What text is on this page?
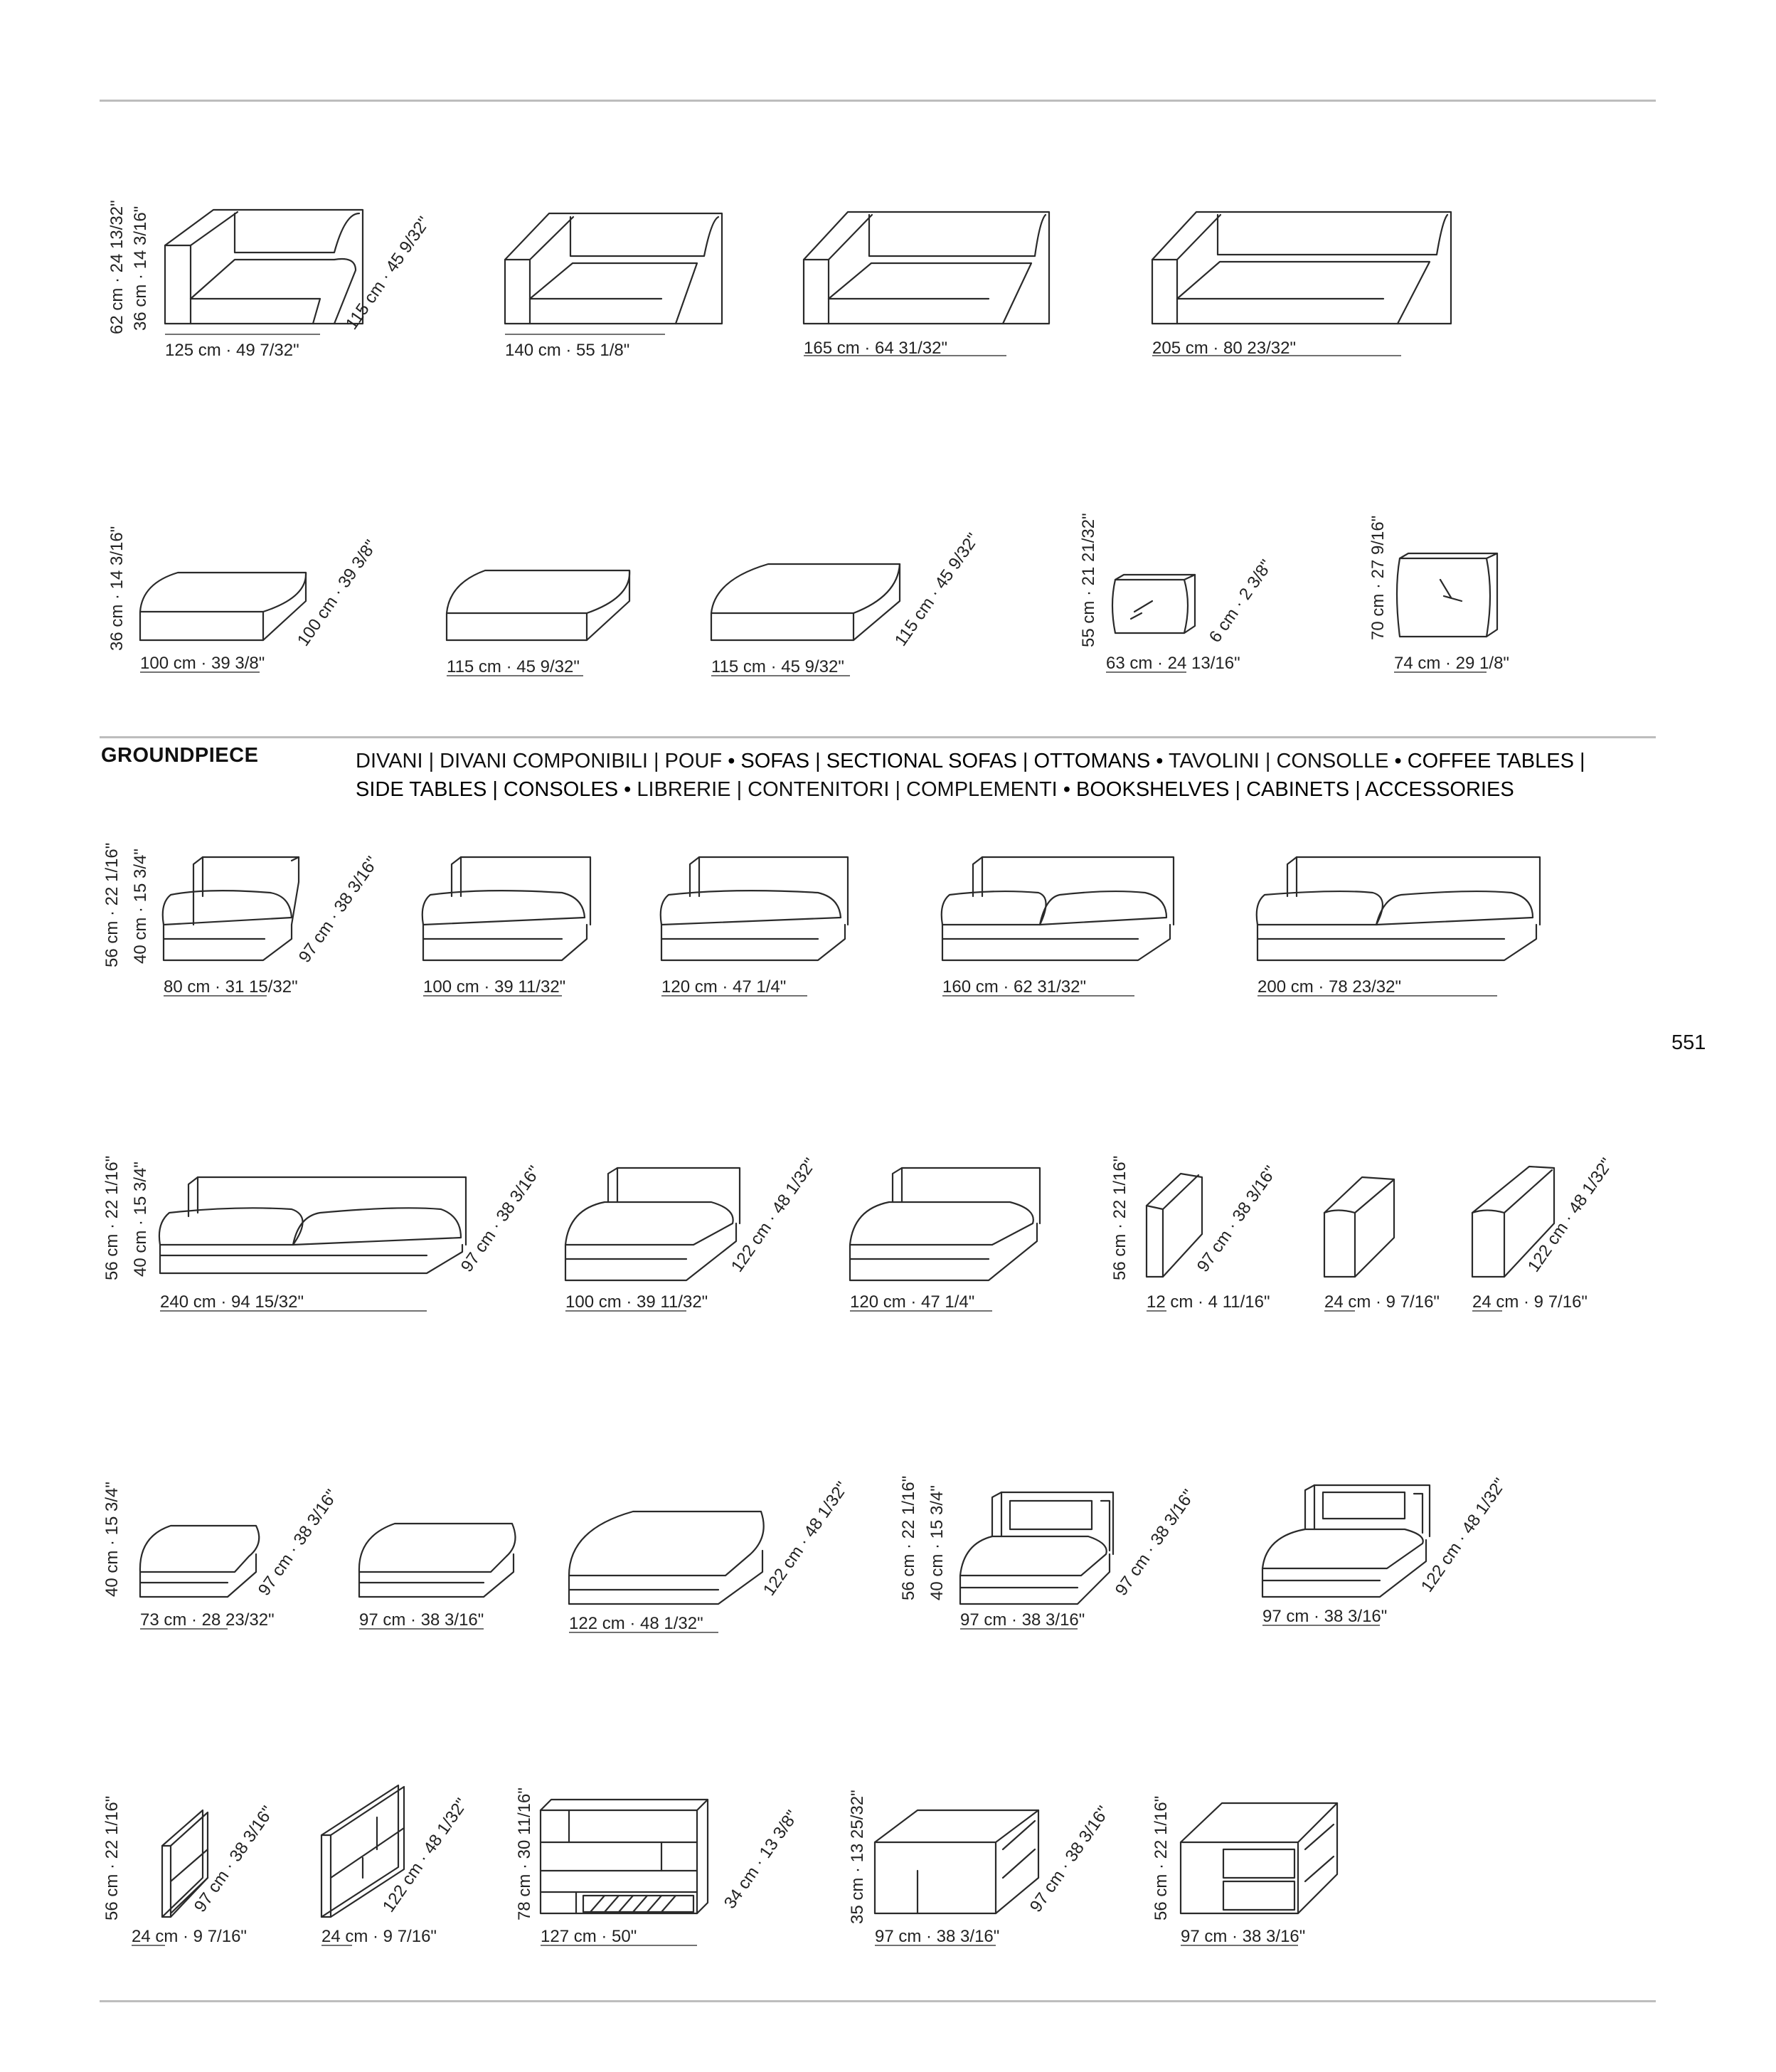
GROUNDPIECE	DIVANI | DIVANI COMPONIBILI | POUF • SOFAS | SECTIONAL SOFAS | OTTOMANS • TAVOLINI | CONSOLLE • COFFEE TABLES | SIDE TABLES | CONSOLES • LIBRERIE | CONTENITORI | COMPLEMENTI • BOOKSHELVES | CABINETS | ACCESSORIES
551
62 cm · 24 13/32" 36 cm · 14 3/16"	115 cm · 45 9/32"
125 cm · 49 7/32"	140 cm · 55 1/8"	165 cm · 64 31/32"	205 cm · 80 23/32"
36 cm · 14 3/16"	100 cm · 39 3/8"	115 cm · 45 9/32"	6 cm · 2 3/8"
55 cm · 21 21/32"	70 cm · 27 9/16"
100 cm · 39 3/8"	115 cm · 45 9/32"	115 cm · 45 9/32"	63 cm · 24 13/16"	74 cm · 29 1/8"
56 cm · 22 1/16" 40 cm · 15 3/4"	97 cm · 38 3/16"
80 cm · 31 15/32"	100 cm · 39 11/32"	120 cm · 47 1/4"	160 cm · 62 31/32"	200 cm · 78 23/32"
56 cm · 22 1/16" 40 cm · 15 3/4"	97 cm · 38 3/16"	122 cm · 48 1/32"	97 cm · 38 3/16"	122 cm · 48 1/32"
56 cm · 22 1/16"
240 cm · 94 15/32"	100 cm · 39 11/32"	120 cm · 47 1/4"	12 cm · 4 11/16"	24 cm · 9 7/16" 24 cm · 9 7/16"
40 cm · 15 3/4"	97 cm · 38 3/16"	122 cm · 48 1/32"	97 cm · 38 3/16"	122 cm · 48 1/32"
56 cm · 22 1/16" 40 cm · 15 3/4"
73 cm · 28 23/32"	97 cm · 38 3/16"	122 cm · 48 1/32"	97 cm · 38 3/16"	97 cm · 38 3/16"
56 cm · 22 1/16"	78 cm · 30 11/16"	35 cm · 13 25/32"	56 cm · 22 1/16"
97 cm · 38 3/16"	122 cm · 48 1/32"	34 cm · 13 3/8"	97 cm · 38 3/16"
24 cm · 9 7/16"	24 cm · 9 7/16"	127 cm · 50"	97 cm · 38 3/16"	97 cm · 38 3/16"
